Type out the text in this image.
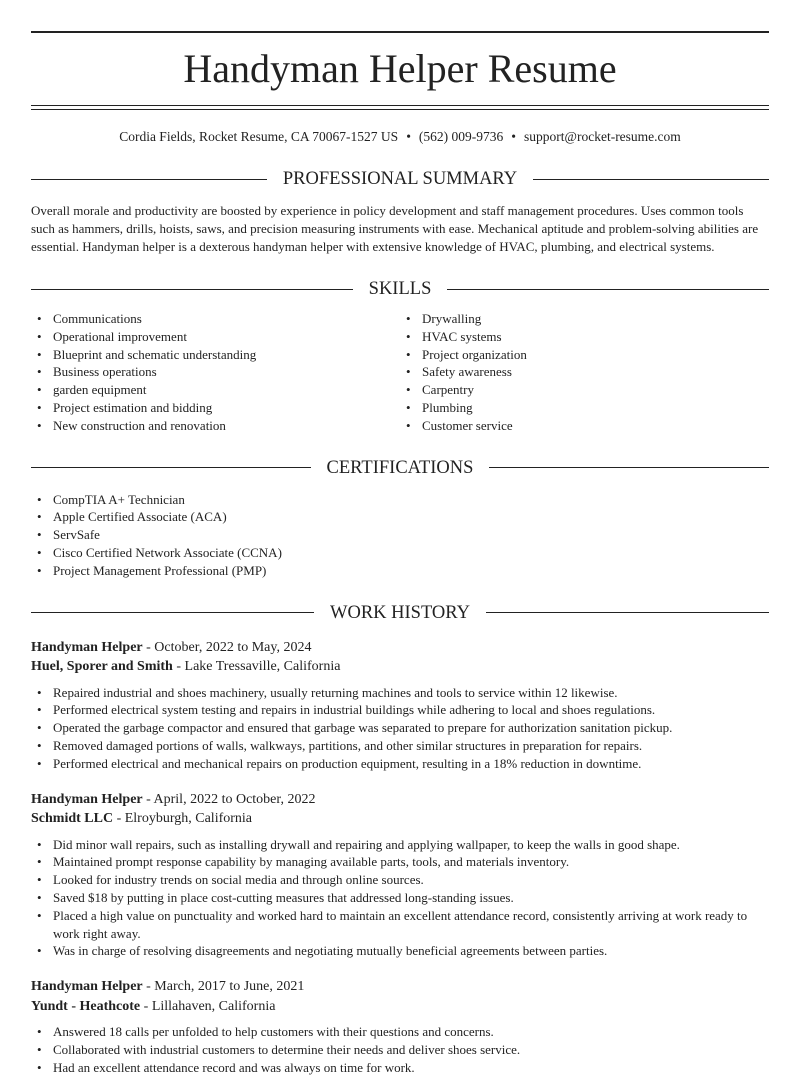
Handyman Helper Resume
Cordia Fields, Rocket Resume, CA 70067-1527 US • (562) 009-9736 • support@rocket-resume.com
PROFESSIONAL SUMMARY

Overall morale and productivity are boosted by experience in policy development and staff management procedures. Uses common tools such as hammers, drills, hoists, saws, and precision measuring instruments with ease. Mechanical aptitude and problem-solving abilities are essential. Handyman helper is a dexterous handyman helper with extensive knowledge of HVAC, plumbing, and electrical systems.

SKILLS
• Communications
• Operational improvement
• Blueprint and schematic understanding
• Business operations
• garden equipment
• Project estimation and bidding
• New construction and renovation
• Drywalling
• HVAC systems
• Project organization
• Safety awareness
• Carpentry
• Plumbing
• Customer service
CERTIFICATIONS
• CompTIA A+ Technician
• Apple Certified Associate (ACA)
• ServSafe
• Cisco Certified Network Associate (CCNA)
• Project Management Professional (PMP)
WORK HISTORY
Handyman Helper - October, 2022 to May, 2024
Huel, Sporer and Smith - Lake Tressaville, California
• Repaired industrial and shoes machinery, usually returning machines and tools to service within 12 likewise.
• Performed electrical system testing and repairs in industrial buildings while adhering to local and shoes regulations.
• Operated the garbage compactor and ensured that garbage was separated to prepare for authorization sanitation pickup.
• Removed damaged portions of walls, walkways, partitions, and other similar structures in preparation for repairs.
• Performed electrical and mechanical repairs on production equipment, resulting in a 18% reduction in downtime.
Handyman Helper - April, 2022 to October, 2022
Schmidt LLC - Elroyburgh, California
• Did minor wall repairs, such as installing drywall and repairing and applying wallpaper, to keep the walls in good shape.
• Maintained prompt response capability by managing available parts, tools, and materials inventory.
• Looked for industry trends on social media and through online sources.
• Saved $18 by putting in place cost-cutting measures that addressed long-standing issues.
• Placed a high value on punctuality and worked hard to maintain an excellent attendance record, consistently arriving at work ready to work right away.
• Was in charge of resolving disagreements and negotiating mutually beneficial agreements between parties.
Handyman Helper - March, 2017 to June, 2021
Yundt - Heathcote - Lillahaven, California
• Answered 18 calls per unfolded to help customers with their questions and concerns.
• Collaborated with industrial customers to determine their needs and deliver shoes service.
• Had an excellent attendance record and was always on time for work.
